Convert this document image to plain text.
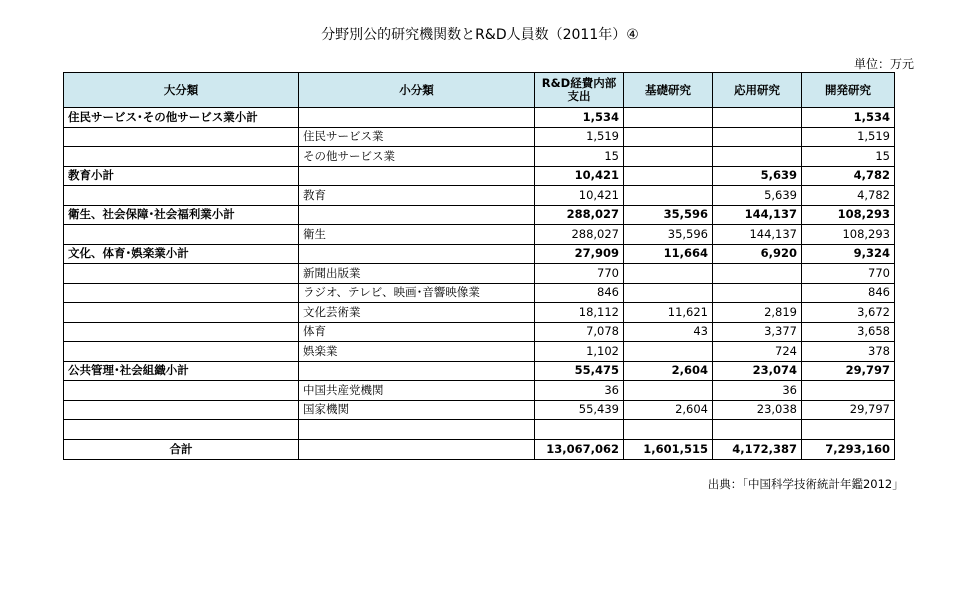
分野別公的研究機関数とR&D人員数（2011年）④
単位：万元
大分類	小分類	R&D経費内部支出	基礎研究	応用研究	開発研究
住民サービス･その他サービス業小計		1,534			1,534
	住民サービス業	1,519			1,519
	その他サービス業	15			15
教育小計		10,421		5,639	4,782
	教育	10,421		5,639	4,782
衛生、社会保障･社会福利業小計		288,027	35,596	144,137	108,293
	衛生	288,027	35,596	144,137	108,293
文化、体育･娯楽業小計		27,909	11,664	6,920	9,324
	新聞出版業	770			770
	ラジオ、テレビ、映画･音響映像業	846			846
	文化芸術業	18,112	11,621	2,819	3,672
	体育	7,078	43	3,377	3,658
	娯楽業	1,102		724	378
公共管理･社会組織小計		55,475	2,604	23,074	29,797
	中国共産党機関	36		36	
	国家機関	55,439	2,604	23,038	29,797

合計		13,067,062	1,601,515	4,172,387	7,293,160
出典：｢中国科学技術統計年鑑2012｣
